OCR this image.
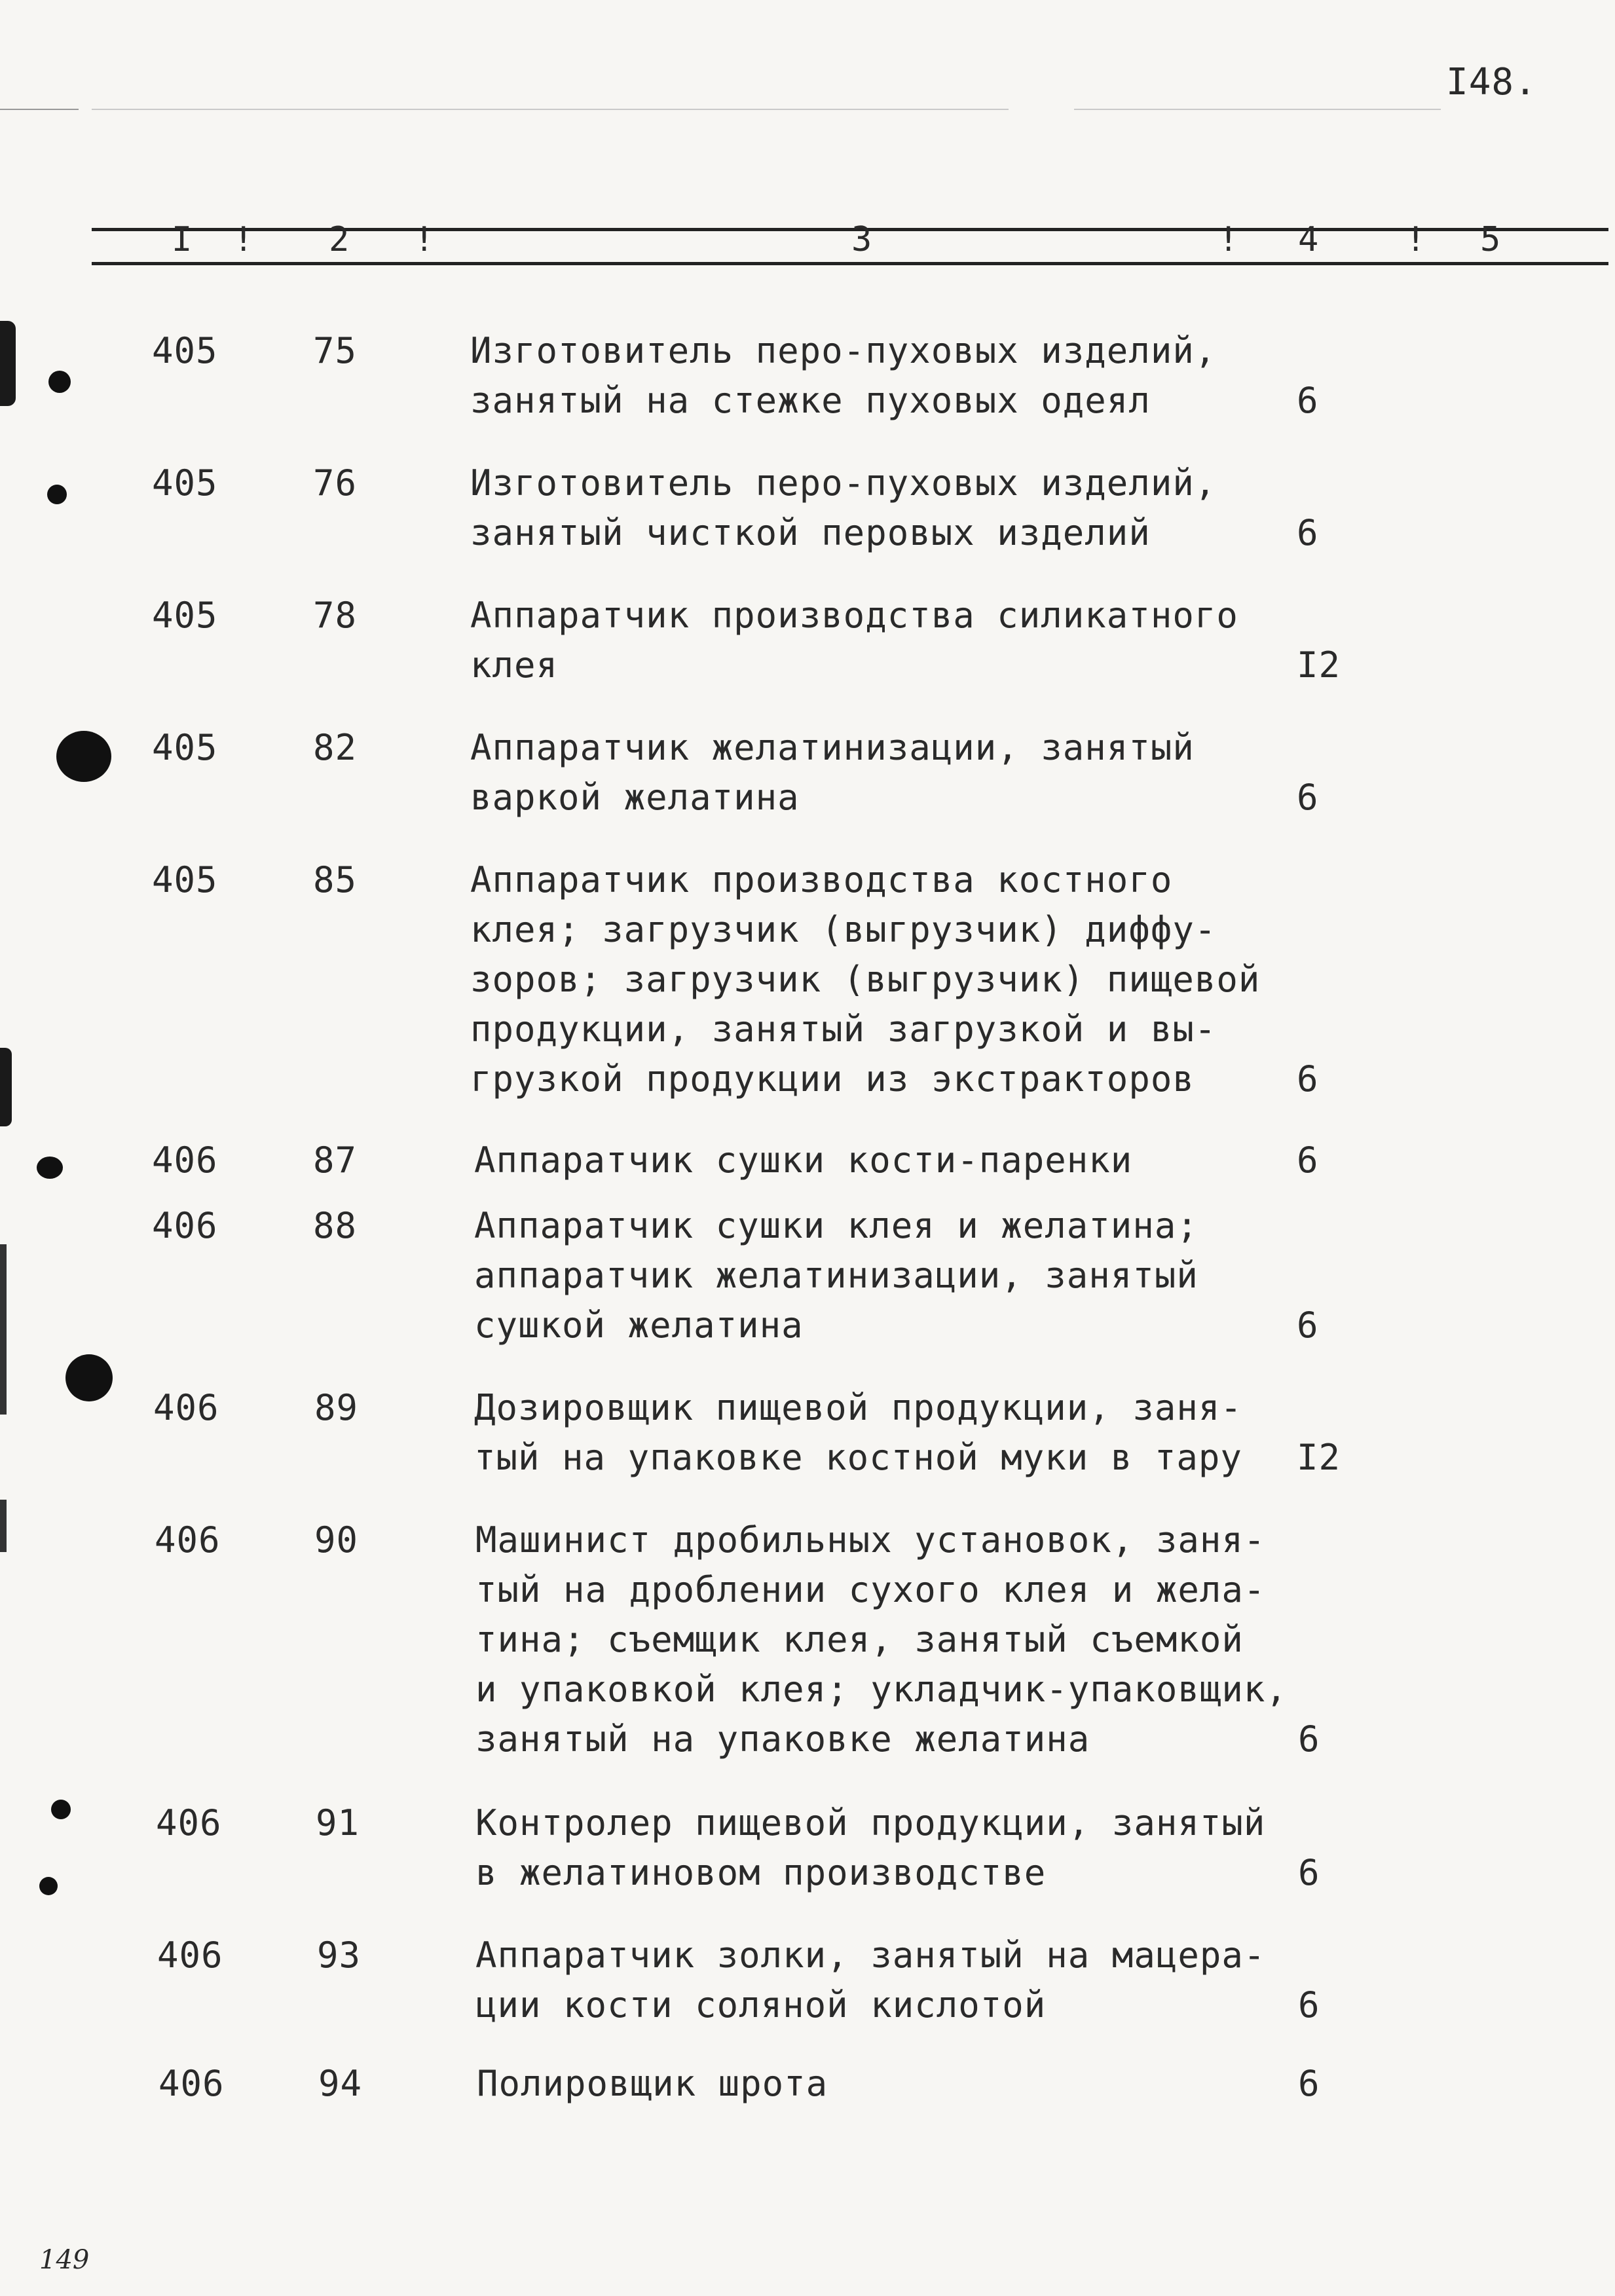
I48.
I ! 2 !	3	! 4	! 5
405	75	Изготовитель перо-пуховых изделий,
занятый на стежке пуховых одеял	6
405	76	Изготовитель перо-пуховых изделий,
занятый чисткой перовых изделий	6
405	78	Аппаратчик производства силикатного
клея	I2
405	82	Аппаратчик желатинизации, занятый
варкой желатина	6
405	85	Аппаратчик производства костного
клея; загрузчик (выгрузчик) диффу-
зоров; загрузчик (выгрузчик) пищевой
продукции, занятый загрузкой и вы-
грузкой продукции из экстракторов	6
406	87	Аппаратчик сушки кости-паренки	6
406	88	Аппаратчик сушки клея и желатина;
аппаратчик желатинизации, занятый
сушкой желатина	6
406	89	Дозировщик пищевой продукции, заня-
тый на упаковке костной муки в тару I2
406	90	Машинист дробильных установок, заня-
тый на дроблении сухого клея и жела-
тина; съемщик клея, занятый съемкой
и упаковкой клея; укладчик-упаковщик,
занятый на упаковке желатина	6
406	91	Контролер пищевой продукции, занятый
в желатиновом производстве	6
406	93	Аппаратчик золки, занятый на мацера-
ции кости соляной кислотой	6
406	94	Полировщик шрота	6
149
